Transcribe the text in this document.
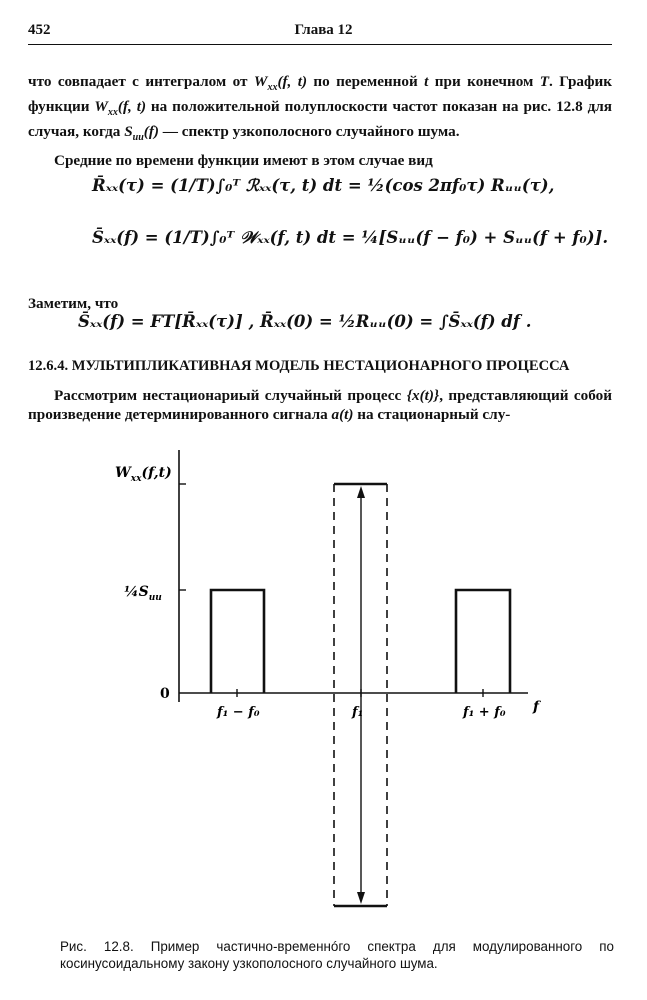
452	Глава 12
что совпадает с интегралом от $W_{xx}(f$, t) по переменной t при конечном T. График функции $W_{xx}(f$, t) на положительной полуплоскости частот показан на рис. 12.8 для случая, когда $S_{uu}(f)$ — спектр узкополосного случайного шума.
Средние по времени функции имеют в этом случае вид
R̄ₓₓ(τ) = (1/T)∫₀ᵀ ℛₓₓ(τ, t) dt = ½(cos 2πf₀τ) Rᵤᵤ(τ),
S̄ₓₓ(f) = (1/T)∫₀ᵀ 𝒲ₓₓ(f, t) dt = ¼[Sᵤᵤ(f − f₀) + Sᵤᵤ(f + f₀)].
Заметим, что
S̄ₓₓ(f) = FT[R̄ₓₓ(τ)] , R̄ₓₓ(0) = ½Rᵤᵤ(0) = ∫S̄ₓₓ(f) df .
12.6.4. МУЛЬТИПЛИКАТИВНАЯ МОДЕЛЬ НЕСТАЦИОНАРНОГО ПРОЦЕССА
Рассмотрим нестационариый случайный процесс {x(t)}, представляющий собой произведение детерминированного сигнала a(t) на стационарный слу-
$W_{xx}(f,t)$
$\frac{1}{4}S_{uu}$
0
f₁ − f₀	f₁	f₁ + f₀ f
Рис. 12.8. Пример частично-временнóго спектра для модулированного по косинусоидальному закону узкополосного случайного шума.
